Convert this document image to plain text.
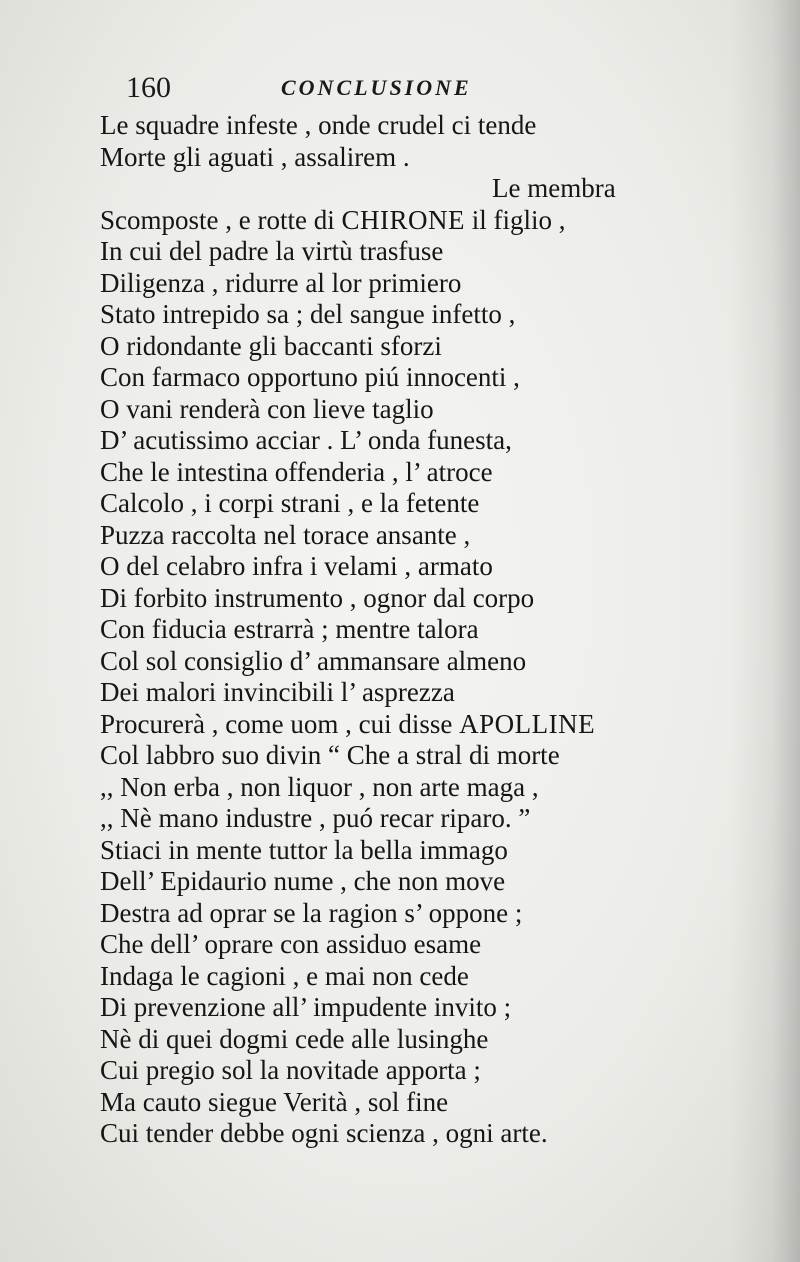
160	CONCLUSIONE
Le squadre infeste , onde crudel ci tende
Morte gli aguati , assalirem .
Le membra
Scomposte , e rotte di CHIRONE il figlio ,
In cui del padre la virtù trasfuse
Diligenza , ridurre al lor primiero
Stato intrepido sa ; del sangue infetto ,
O ridondante gli baccanti sforzi
Con farmaco opportuno piú innocenti ,
O vani renderà con lieve taglio
D’ acutissimo acciar . L’ onda funesta,
Che le intestina offenderia , l’ atroce
Calcolo , i corpi strani , e la fetente
Puzza raccolta nel torace ansante ,
O del celabro infra i velami , armato
Di forbito instrumento , ognor dal corpo
Con fiducia estrarrà ; mentre talora
Col sol consiglio d’ ammansare almeno
Dei malori invincibili l’ asprezza
Procurerà , come uom , cui disse APOLLINE
Col labbro suo divin “ Che a stral di morte
,, Non erba , non liquor , non arte maga ,
,, Nè mano industre , puó recar riparo. ”
Stiaci in mente tuttor la bella immago
Dell’ Epidaurio nume , che non move
Destra ad oprar se la ragion s’ oppone ;
Che dell’ oprare con assiduo esame
Indaga le cagioni , e mai non cede
Di prevenzione all’ impudente invito ;
Nè di quei dogmi cede alle lusinghe
Cui pregio sol la novitade apporta ;
Ma cauto siegue Verità , sol fine
Cui tender debbe ogni scienza , ogni arte.
